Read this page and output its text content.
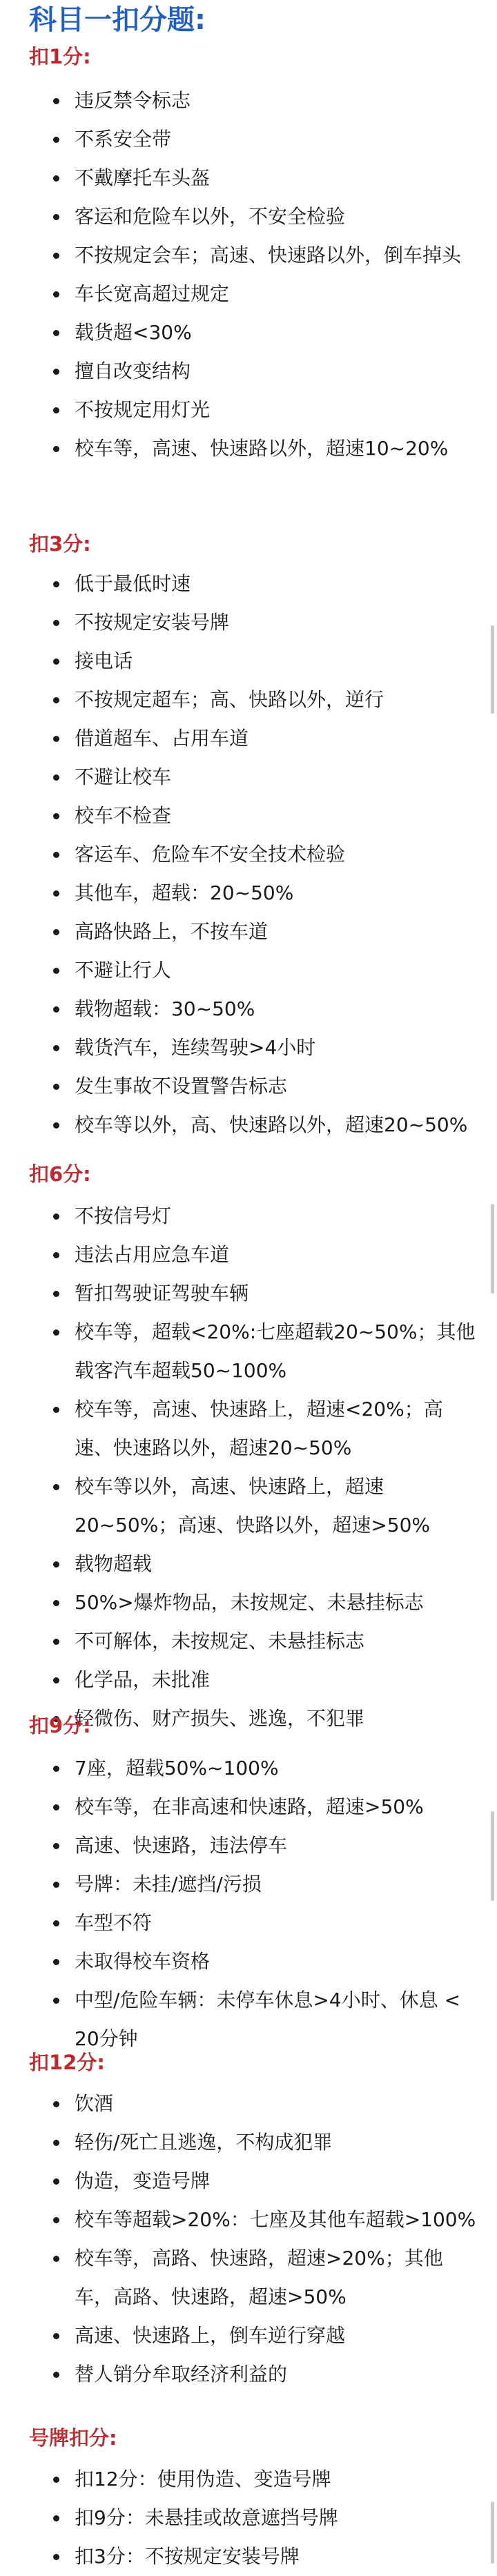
科目一扣分题:
扣1分:
违反禁令标志
不系安全带
不戴摩托车头盔
客运和危险车以外，不安全检验
不按规定会车；高速、快速路以外，倒车掉头
车长宽高超过规定
载货超<30%
擅自改变结构
不按规定用灯光
校车等，高速、快速路以外，超速10~20%
扣3分:
低于最低时速
不按规定安装号牌
接电话
不按规定超车；高、快路以外，逆行
借道超车、占用车道
不避让校车
校车不检查
客运车、危险车不安全技术检验
其他车，超载：20~50%
高路快路上，不按车道
不避让行人
载物超载：30~50%
载货汽车，连续驾驶>4小时
发生事故不设置警告标志
校车等以外，高、快速路以外，超速20~50%
扣6分:
不按信号灯
违法占用应急车道
暂扣驾驶证驾驶车辆
校车等，超载<20%:七座超载20~50%；其他载客汽车超载50~100%
校车等，高速、快速路上，超速<20%；高速、快速路以外，超速20~50%
校车等以外，高速、快速路上，超速20~50%；高速、快路以外，超速>50%
载物超载
50%>爆炸物品，未按规定、未悬挂标志
不可解体，未按规定、未悬挂标志
化学品，未批准
轻微伤、财产损失、逃逸，不犯罪
扣9分:
7座，超载50%~100%
校车等，在非高速和快速路，超速>50%
高速、快速路，违法停车
号牌：未挂/遮挡/污损
车型不符
未取得校车资格
中型/危险车辆：未停车休息>4小时、休息 < 20分钟
扣12分:
饮酒
轻伤/死亡且逃逸，不构成犯罪
伪造，变造号牌
校车等超载>20%：七座及其他车超载>100%
校车等，高路、快速路，超速>20%；其他车，高路、快速路，超速>50%
高速、快速路上，倒车逆行穿越
替人销分牟取经济利益的
号牌扣分:
扣12分：使用伪造、变造号牌
扣9分：未悬挂或故意遮挡号牌
扣3分：不按规定安装号牌
